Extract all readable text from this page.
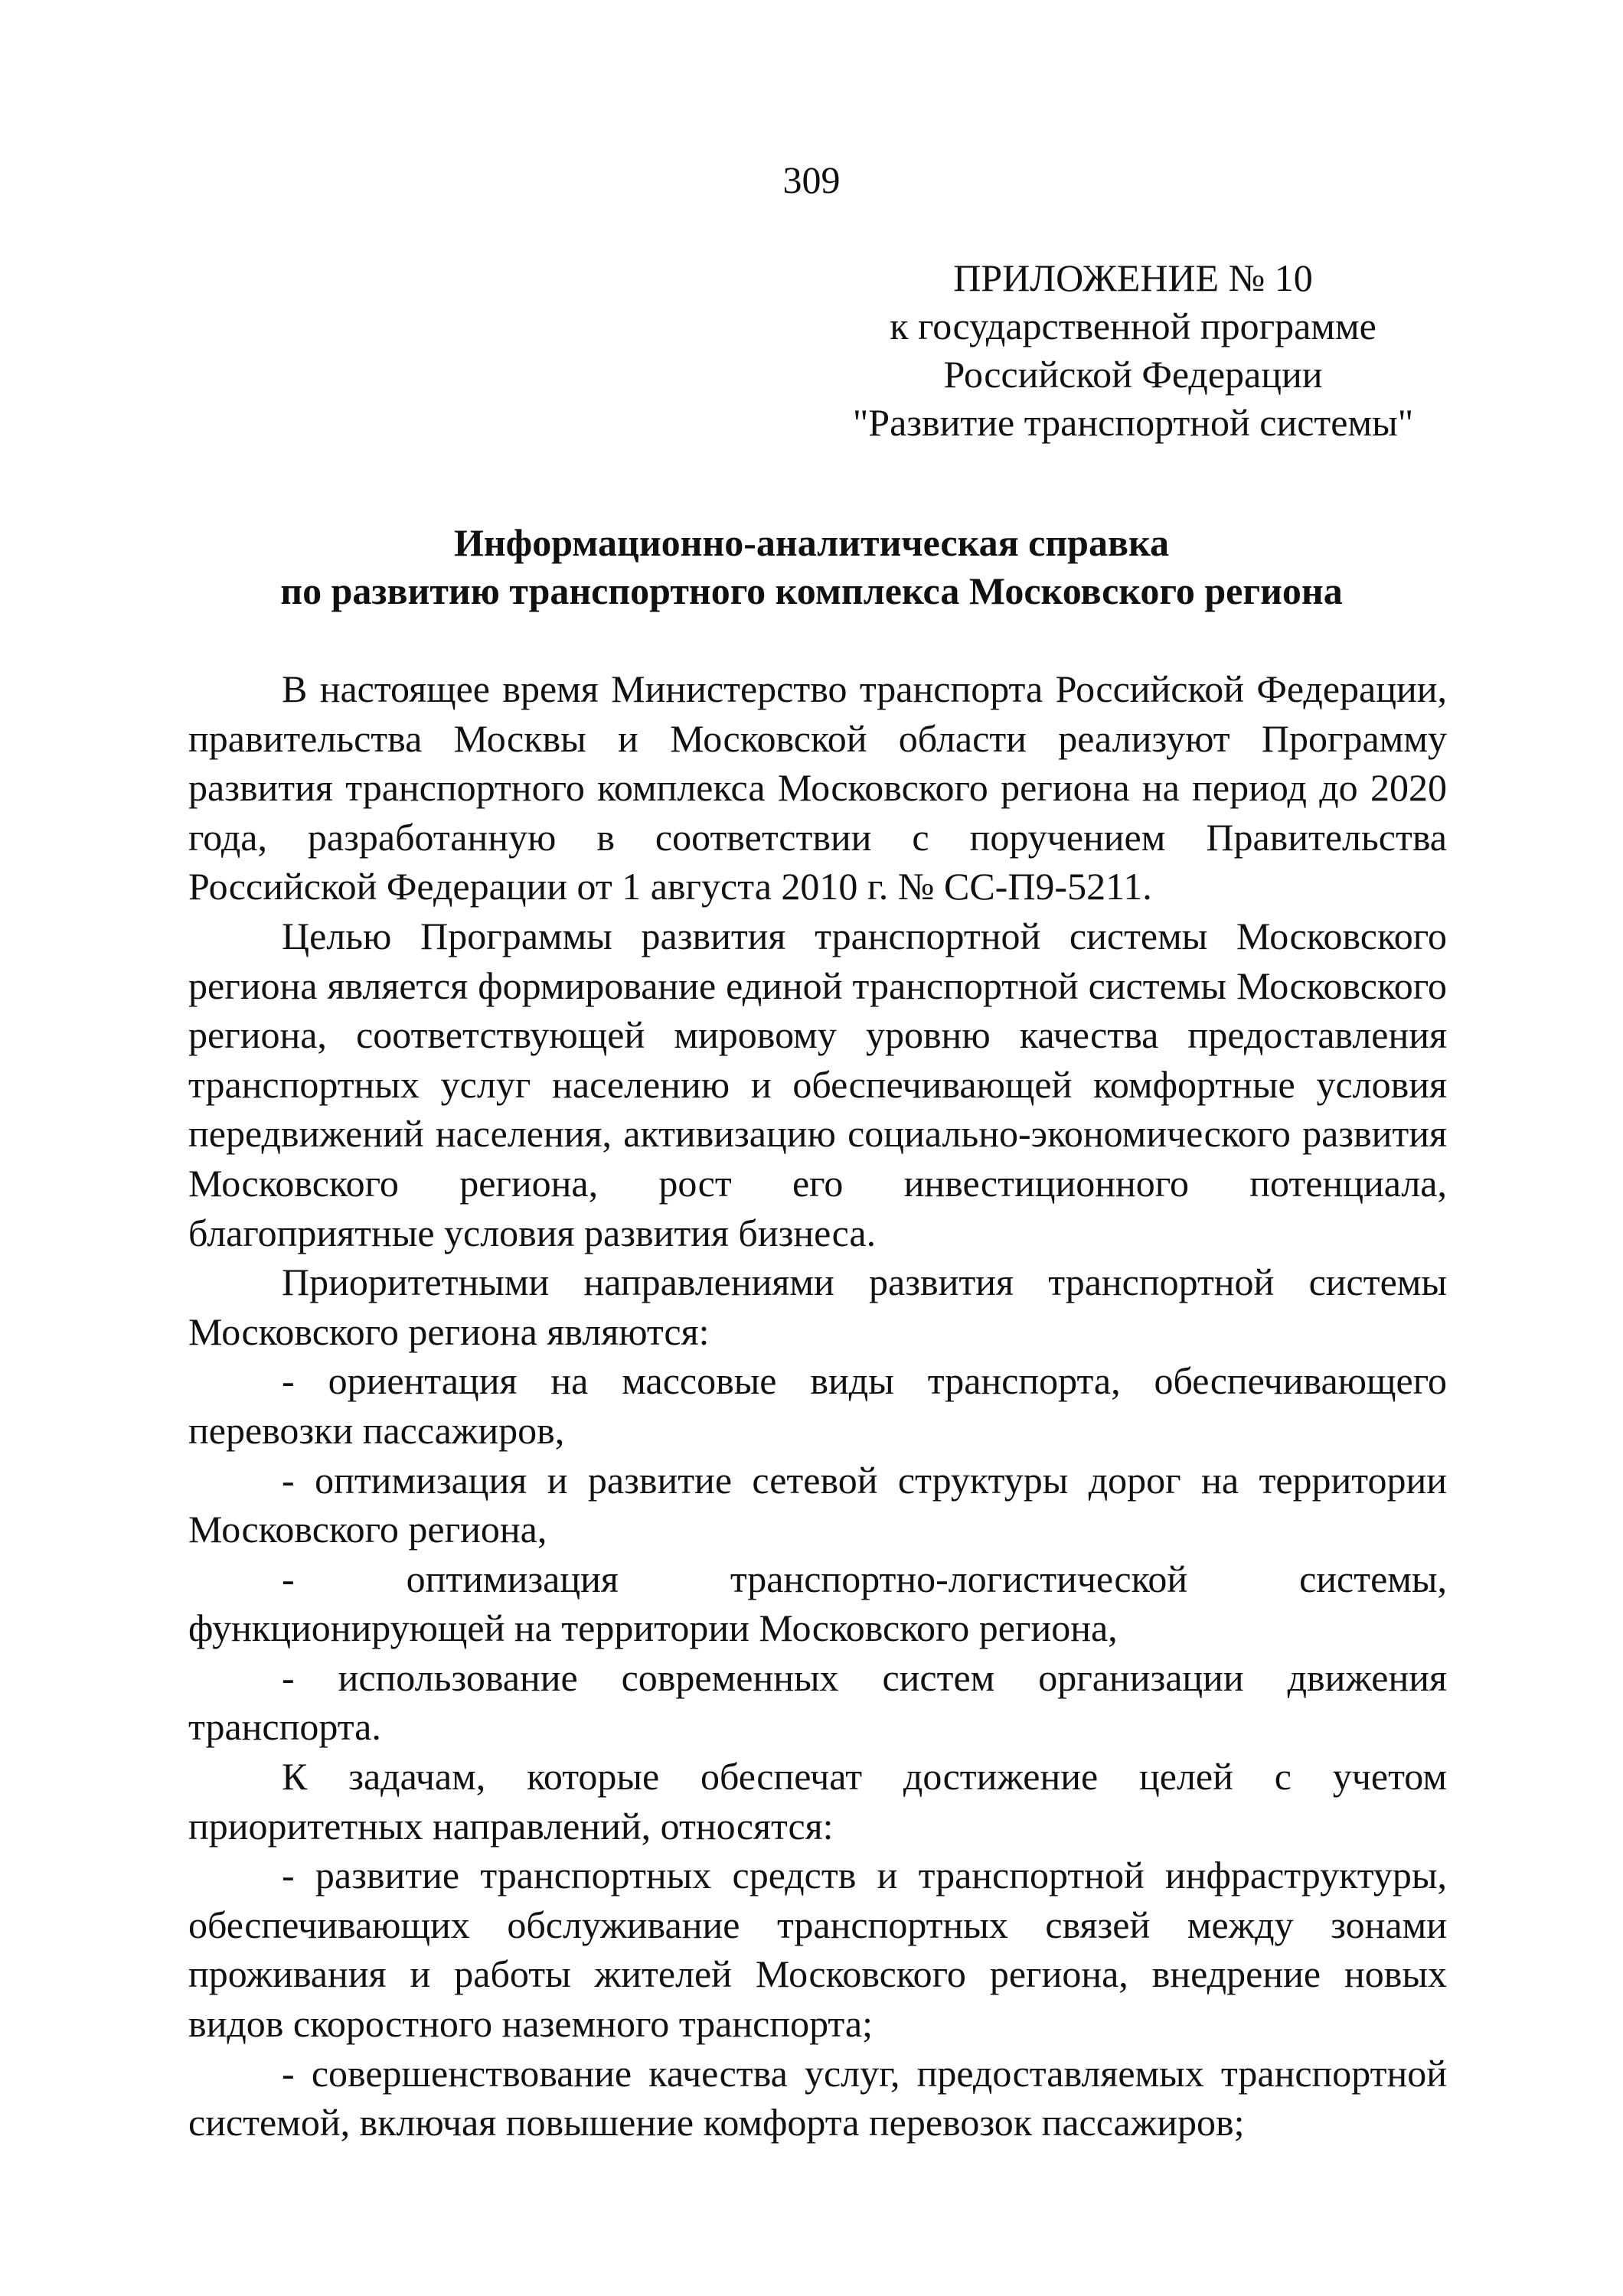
309
ПРИЛОЖЕНИЕ № 10
к государственной программе
Российской Федерации
"Развитие транспортной системы"
Информационно-аналитическая справка
по развитию транспортного комплекса Московского региона

В настоящее время Министерство транспорта Российской Федерации, правительства Москвы и Московской области реализуют Программу развития транспортного комплекса Московского региона на период до 2020 года, разработанную в соответствии с поручением Правительства Российской Федерации от 1 августа 2010 г. № СС-П9-5211.

Целью Программы развития транспортной системы Московского региона является формирование единой транспортной системы Московского региона, соответствующей мировому уровню качества предоставления транспортных услуг населению и обеспечивающей комфортные условия передвижений населения, активизацию социально-экономического развития Московского региона, рост его инвестиционного потенциала, благоприятные условия развития бизнеса.

Приоритетными направлениями развития транспортной системы Московского региона являются:

- ориентация на массовые виды транспорта, обеспечивающего перевозки пассажиров,

- оптимизация и развитие сетевой структуры дорог на территории Московского региона,

- оптимизация транспортно-логистической системы, функционирующей на территории Московского региона,

- использование современных систем организации движения транспорта.

К задачам, которые обеспечат достижение целей с учетом приоритетных направлений, относятся:

- развитие транспортных средств и транспортной инфраструктуры, обеспечивающих обслуживание транспортных связей между зонами проживания и работы жителей Московского региона, внедрение новых видов скоростного наземного транспорта;

- совершенствование качества услуг, предоставляемых транспортной системой, включая повышение комфорта перевозок пассажиров;
